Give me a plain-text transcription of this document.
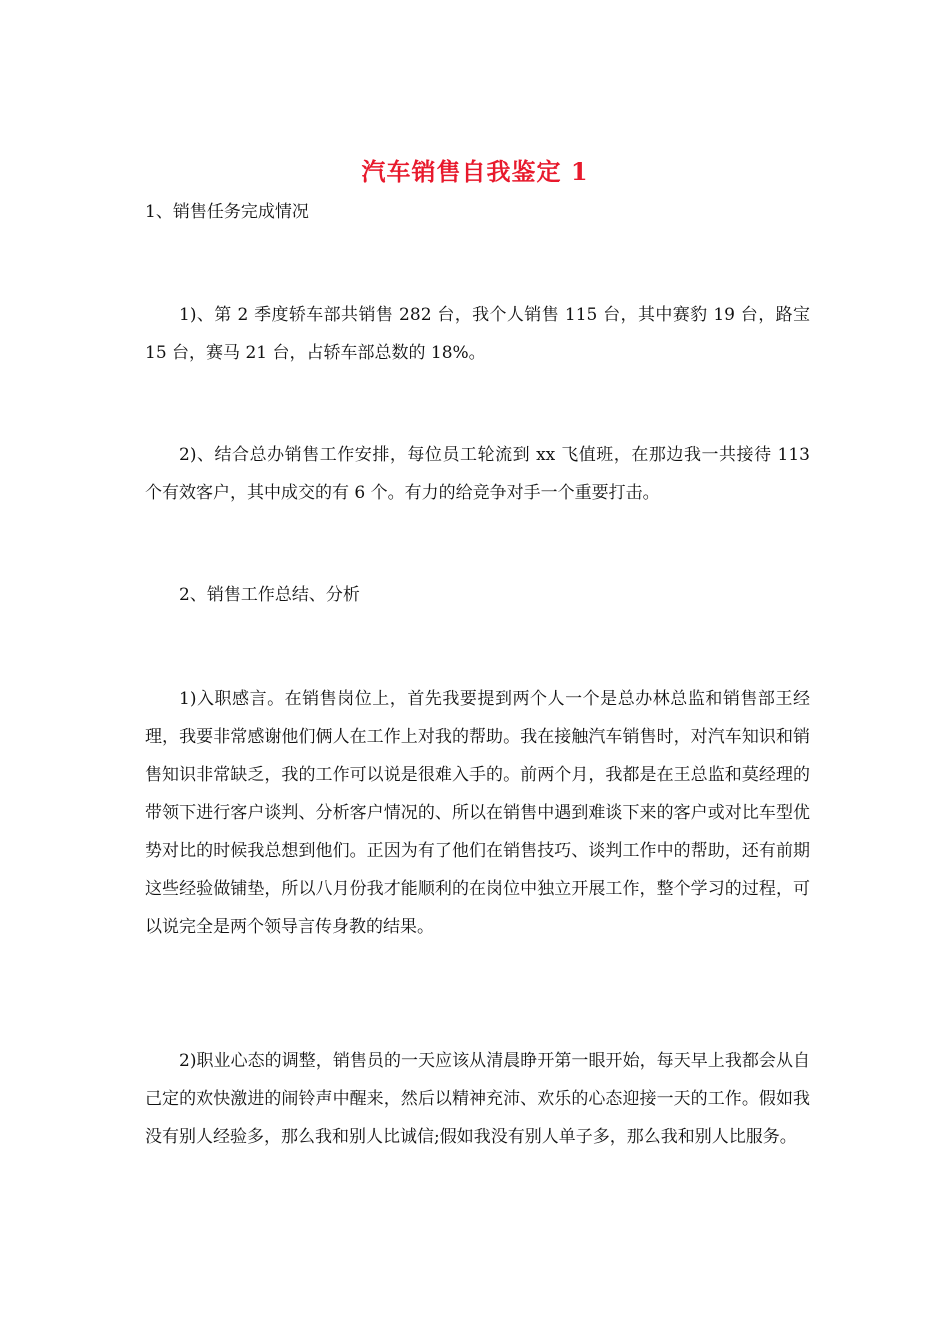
汽车销售自我鉴定 1
1、销售任务完成情况
1)、第 2 季度轿车部共销售 282 台，我个人销售 115 台，其中赛豹 19 台，路宝 15 台，赛马 21 台，占轿车部总数的 18%。
2)、结合总办销售工作安排，每位员工轮流到 xx 飞值班，在那边我一共接待 113 个有效客户，其中成交的有 6 个。有力的给竞争对手一个重要打击。
2、销售工作总结、分析
1)入职感言。在销售岗位上，首先我要提到两个人一个是总办林总监和销售部王经理，我要非常感谢他们俩人在工作上对我的帮助。我在接触汽车销售时，对汽车知识和销售知识非常缺乏，我的工作可以说是很难入手的。前两个月，我都是在王总监和莫经理的带领下进行客户谈判、分析客户情况的、所以在销售中遇到难谈下来的客户或对比车型优势对比的时候我总想到他们。正因为有了他们在销售技巧、谈判工作中的帮助，还有前期这些经验做铺垫，所以八月份我才能顺利的在岗位中独立开展工作，整个学习的过程，可以说完全是两个领导言传身教的结果。
2)职业心态的调整，销售员的一天应该从清晨睁开第一眼开始，每天早上我都会从自己定的欢快激进的闹铃声中醒来，然后以精神充沛、欢乐的心态迎接一天的工作。假如我没有别人经验多，那么我和别人比诚信;假如我没有别人单子多，那么我和别人比服务。
